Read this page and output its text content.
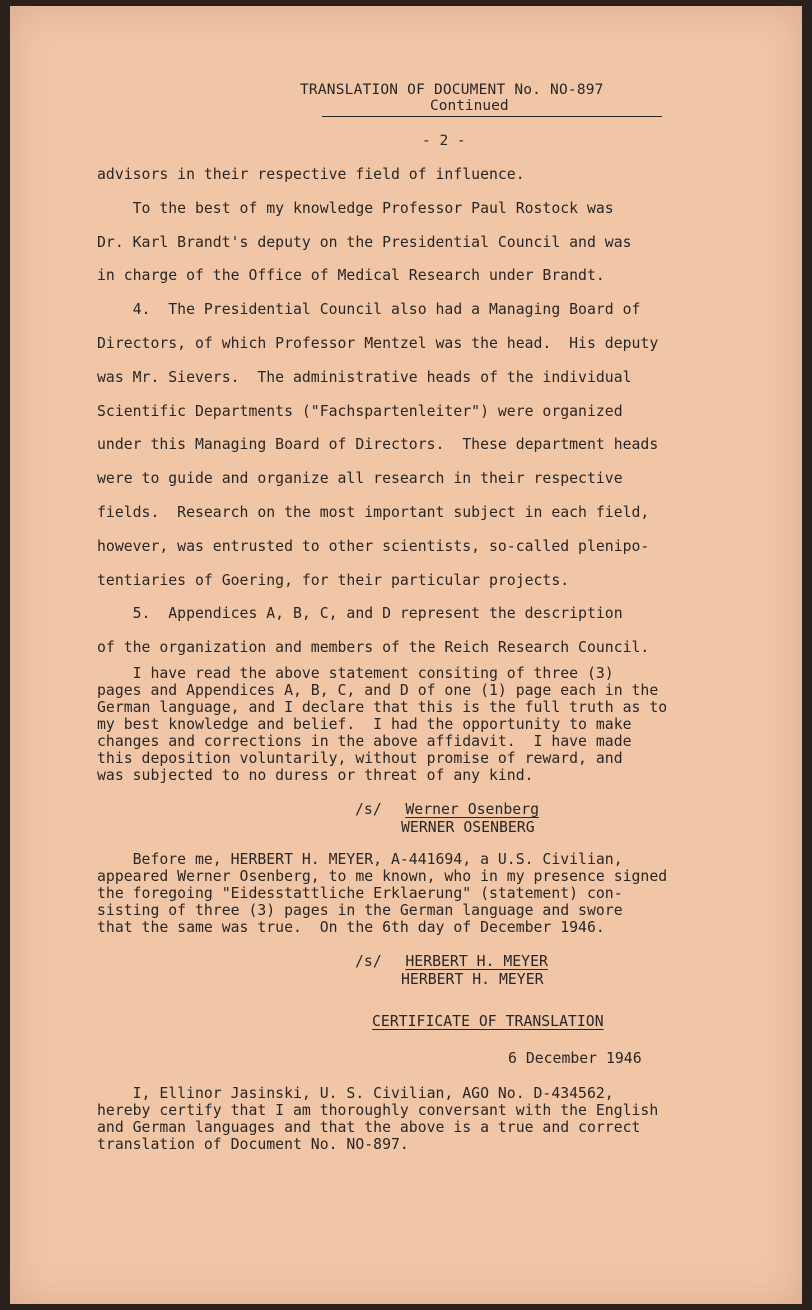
TRANSLATION OF DOCUMENT No. NO-897

Continued

- 2 -

advisors in their respective field of influence.
To the best of my knowledge Professor Paul Rostock was
Dr. Karl Brandt's deputy on the Presidential Council and was
in charge of the Office of Medical Research under Brandt.
4.  The Presidential Council also had a Managing Board of
Directors, of which Professor Mentzel was the head.  His deputy
was Mr. Sievers.  The administrative heads of the individual
Scientific Departments ("Fachspartenleiter") were organized
under this Managing Board of Directors.  These department heads
were to guide and organize all research in their respective
fields.  Research on the most important subject in each field,
however, was entrusted to other scientists, so-called plenipo-
tentiaries of Goering, for their particular projects.
5.  Appendices A, B, C, and D represent the description
of the organization and members of the Reich Research Council.
I have read the above statement consiting of three (3)
pages and Appendices A, B, C, and D of one (1) page each in the
German language, and I declare that this is the full truth as to
my best knowledge and belief.  I had the opportunity to make
changes and corrections in the above affidavit.  I have made
this deposition voluntarily, without promise of reward, and
was subjected to no duress or threat of any kind.
/s/ Werner Osenberg
WERNER OSENBERG
Before me, HERBERT H. MEYER, A-441694, a U.S. Civilian,
appeared Werner Osenberg, to me known, who in my presence signed
the foregoing "Eidesstattliche Erklaerung" (statement) con-
sisting of three (3) pages in the German language and swore
that the same was true.  On the 6th day of December 1946.
/s/ HERBERT H. MEYER
HERBERT H. MEYER

CERTIFICATE OF TRANSLATION

6 December 1946

I, Ellinor Jasinski, U. S. Civilian, AGO No. D-434562,
hereby certify that I am thoroughly conversant with the English
and German languages and that the above is a true and correct
translation of Document No. NO-897.
